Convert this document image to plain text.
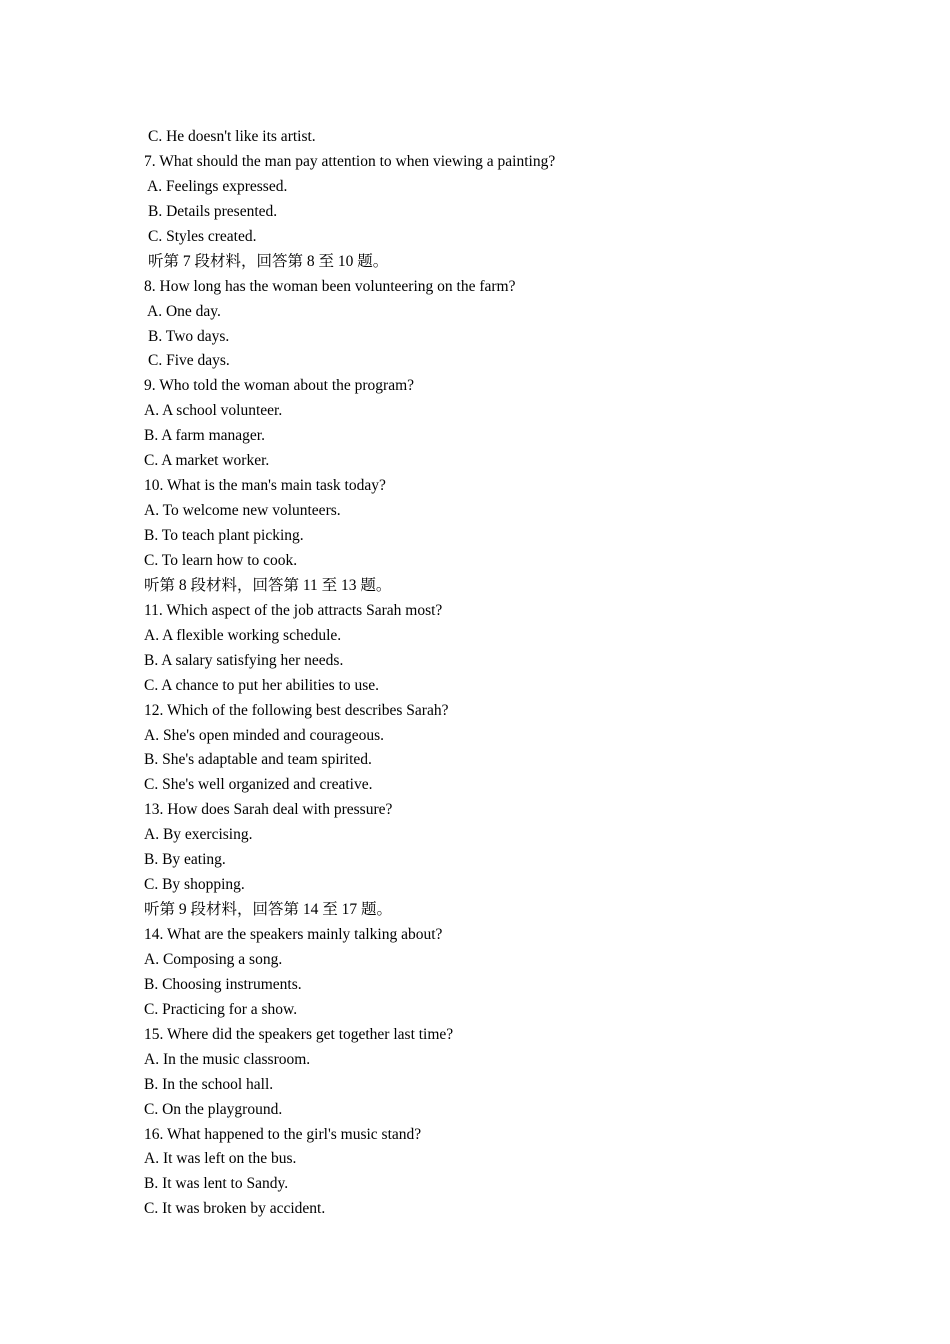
C. He doesn't like its artist.
7. What should the man pay attention to when viewing a painting?
A. Feelings expressed.
B. Details presented.
C. Styles created.
听第 7 段材料，回答第 8 至 10 题。
8. How long has the woman been volunteering on the farm?
A. One day.
B. Two days.
C. Five days.
9. Who told the woman about the program?
A. A school volunteer.
B. A farm manager.
C. A market worker.
10. What is the man's main task today?
A. To welcome new volunteers.
B. To teach plant picking.
C. To learn how to cook.
听第 8 段材料，回答第 11 至 13 题。
11. Which aspect of the job attracts Sarah most?
A. A flexible working schedule.
B. A salary satisfying her needs.
C. A chance to put her abilities to use.
12. Which of the following best describes Sarah?
A. She's open minded and courageous.
B. She's adaptable and team spirited.
C. She's well organized and creative.
13. How does Sarah deal with pressure?
A. By exercising.
B. By eating.
C. By shopping.
听第 9 段材料，回答第 14 至 17 题。
14. What are the speakers mainly talking about?
A. Composing a song.
B. Choosing instruments.
C. Practicing for a show.
15. Where did the speakers get together last time?
A. In the music classroom.
B. In the school hall.
C. On the playground.
16. What happened to the girl's music stand?
A. It was left on the bus.
B. It was lent to Sandy.
C. It was broken by accident.
